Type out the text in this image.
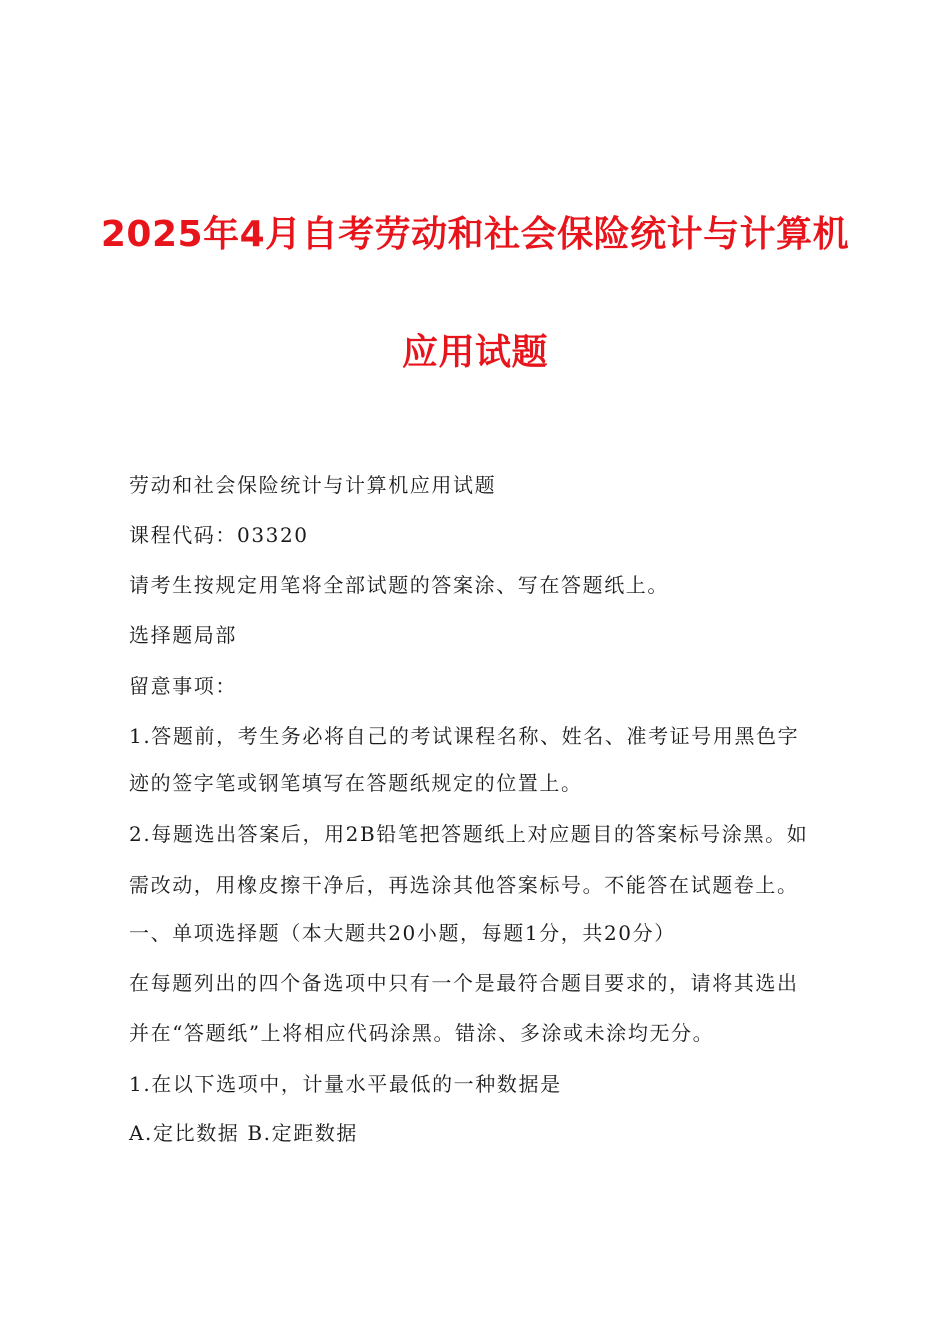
2025年4月自考劳动和社会保险统计与计算机
应用试题
劳动和社会保险统计与计算机应用试题
课程代码：03320
请考生按规定用笔将全部试题的答案涂、写在答题纸上。
选择题局部
留意事项：
1.答题前，考生务必将自己的考试课程名称、姓名、准考证号用黑色字
迹的签字笔或钢笔填写在答题纸规定的位置上。
2.每题选出答案后，用2B铅笔把答题纸上对应题目的答案标号涂黑。如
需改动，用橡皮擦干净后，再选涂其他答案标号。不能答在试题卷上。
一、单项选择题（本大题共20小题，每题1分，共20分）
在每题列出的四个备选项中只有一个是最符合题目要求的，请将其选出
并在“答题纸”上将相应代码涂黑。错涂、多涂或未涂均无分。
1.在以下选项中，计量水平最低的一种数据是
A.定比数据 B.定距数据
